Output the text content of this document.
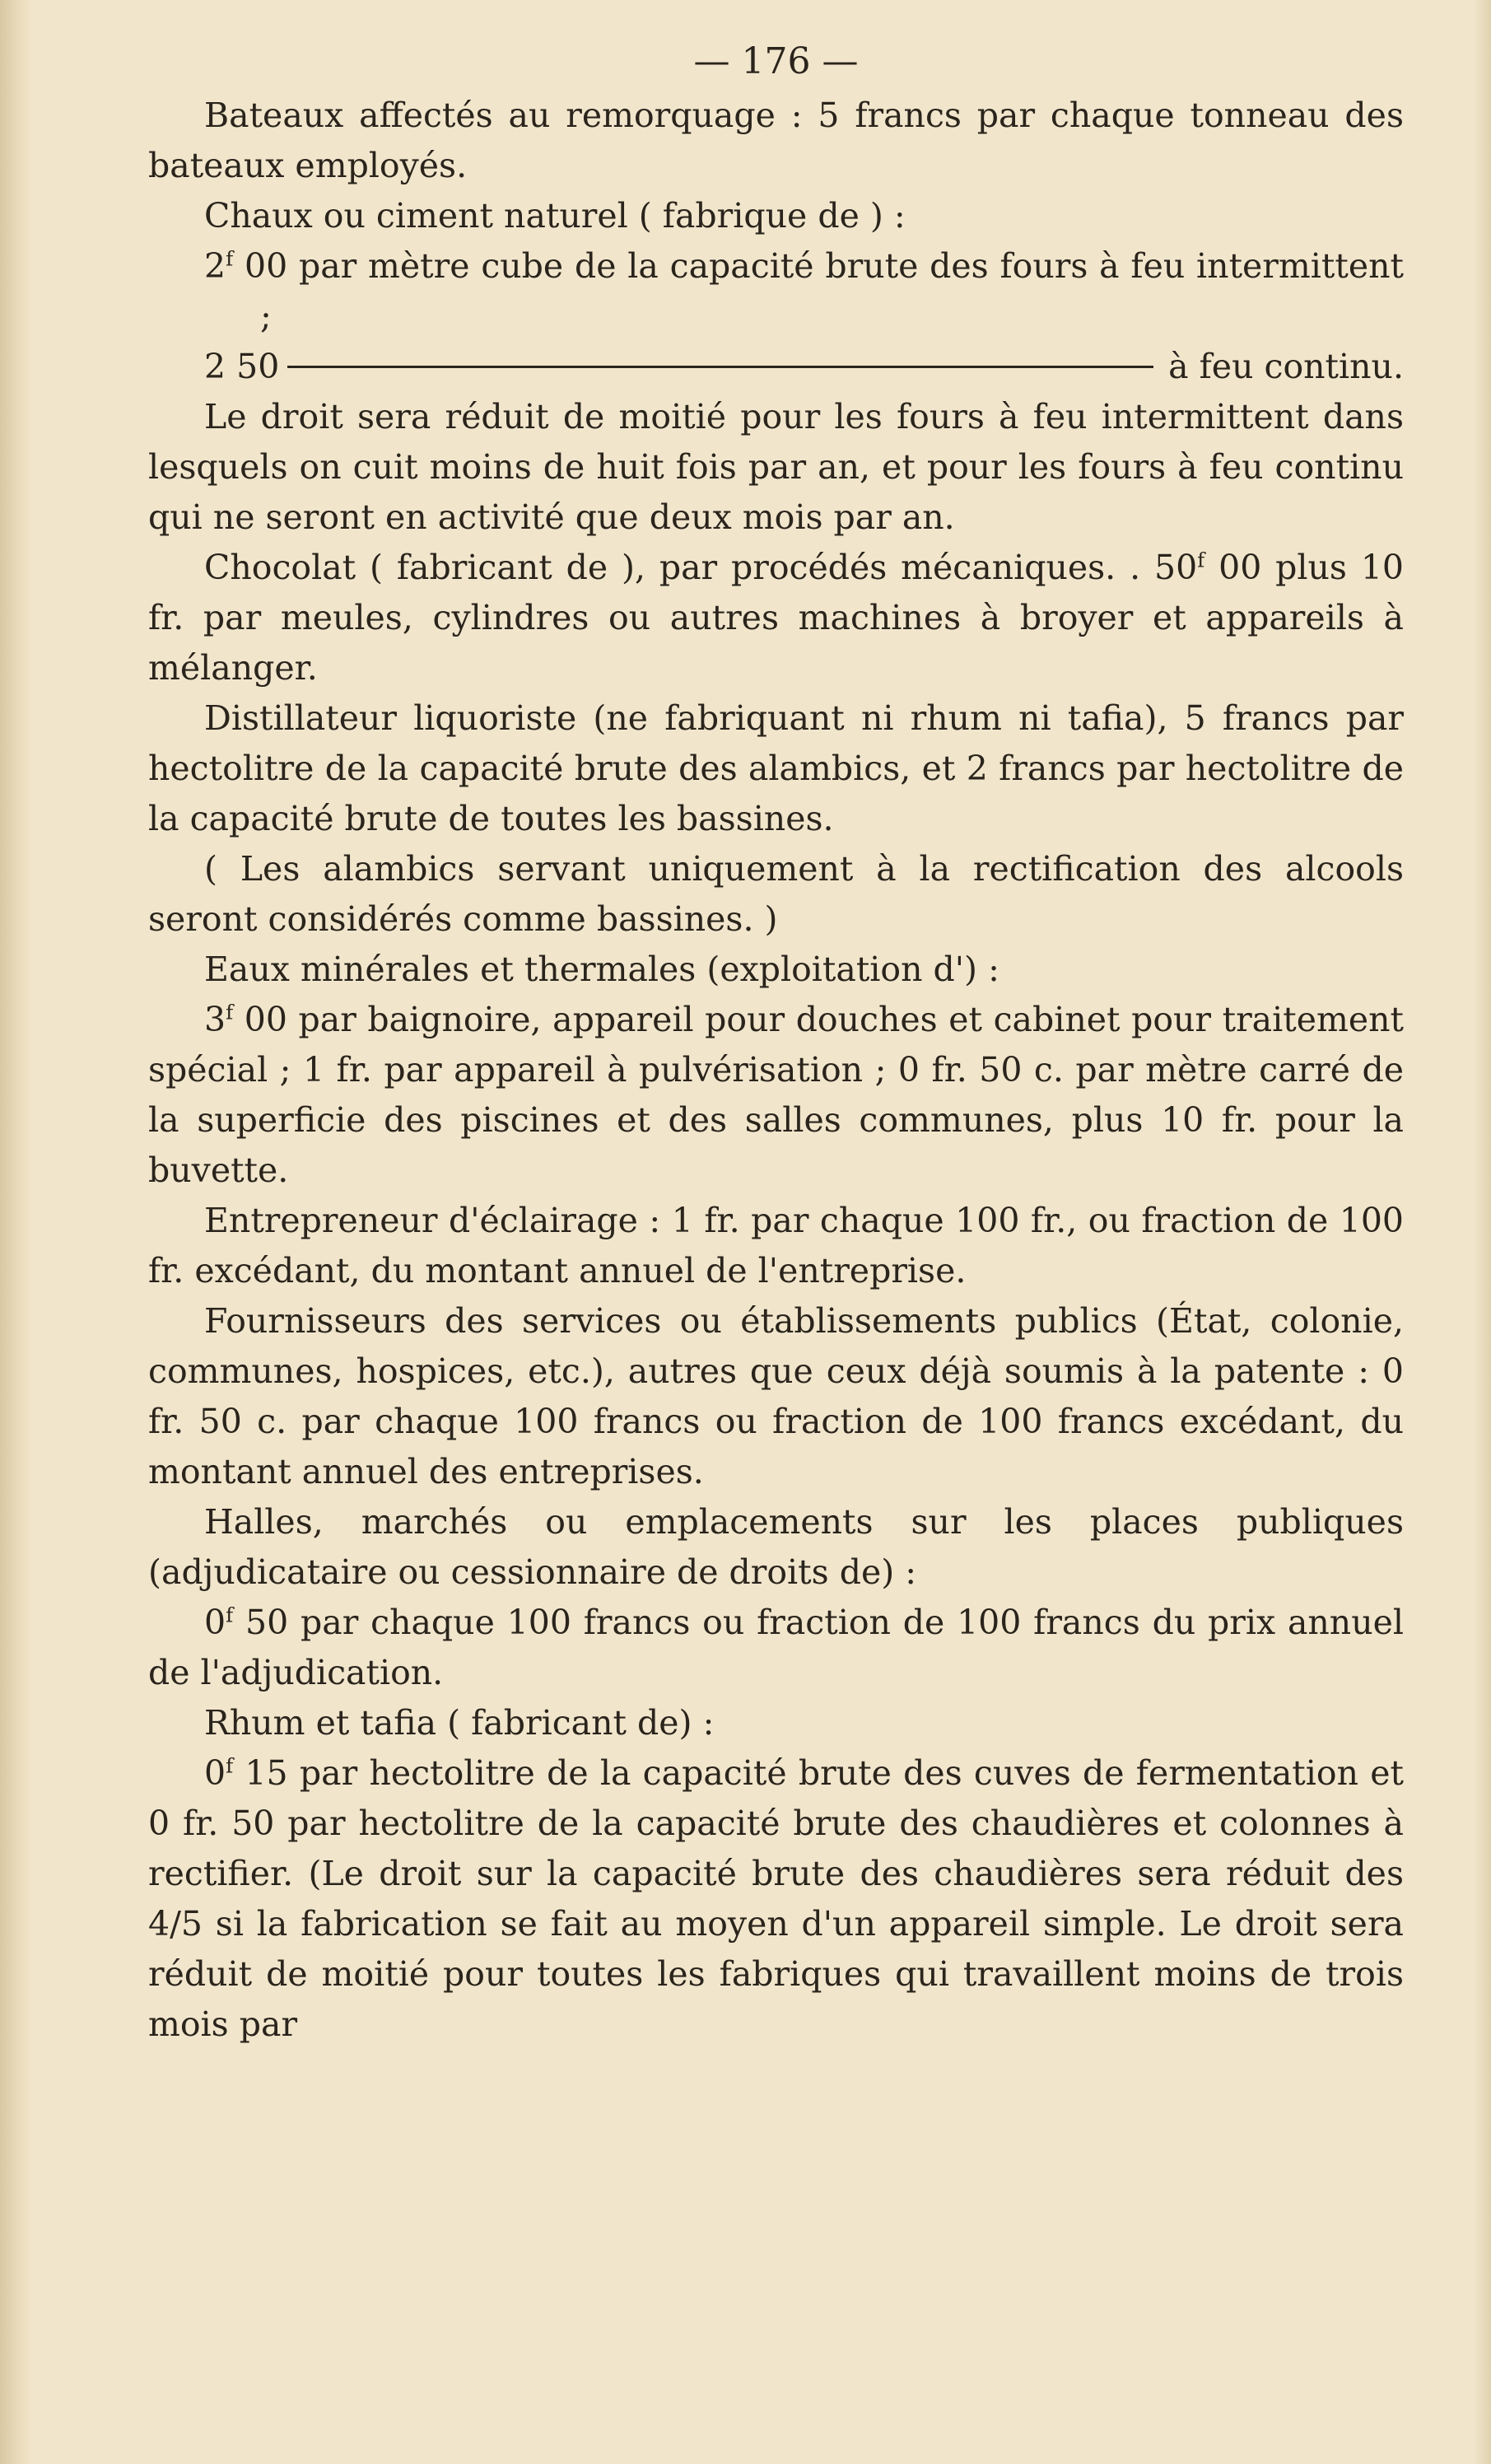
— 176 —

Bateaux affectés au remorquage : 5 francs par chaque tonneau des bateaux employés.

Chaux ou ciment naturel ( fabrique de ) :

2$^f$ 00 par mètre cube de la capacité brute des fours à feu intermittent ;

2 50	à feu continu.

Le droit sera réduit de moitié pour les fours à feu intermittent dans lesquels on cuit moins de huit fois par an, et pour les fours à feu continu qui ne seront en activité que deux mois par an.

Chocolat ( fabricant de ), par procédés mécaniques. . 50$^f$ 00 plus 10 fr. par meules, cylindres ou autres machines à broyer et appareils à mélanger.

Distillateur liquoriste (ne fabriquant ni rhum ni tafia), 5 francs par hectolitre de la capacité brute des alambics, et 2 francs par hectolitre de la capacité brute de toutes les bassines.

( Les alambics servant uniquement à la rectification des alcools seront considérés comme bassines. )

Eaux minérales et thermales (exploitation d') :

3$^f$ 00 par baignoire, appareil pour douches et cabinet pour traitement spécial ; 1 fr. par appareil à pulvérisation ; 0 fr. 50 c. par mètre carré de la superficie des piscines et des salles communes, plus 10 fr. pour la buvette.

Entrepreneur d'éclairage : 1 fr. par chaque 100 fr., ou fraction de 100 fr. excédant, du montant annuel de l'entreprise.

Fournisseurs des services ou établissements publics (État, colonie, communes, hospices, etc.), autres que ceux déjà soumis à la patente : 0 fr. 50 c. par chaque 100 francs ou fraction de 100 francs excédant, du montant annuel des entreprises.

Halles, marchés ou emplacements sur les places publiques (adjudicataire ou cessionnaire de droits de) :

0$^f$ 50 par chaque 100 francs ou fraction de 100 francs du prix annuel de l'adjudication.

Rhum et tafia ( fabricant de) :

0$^f$ 15 par hectolitre de la capacité brute des cuves de fermentation et 0 fr. 50 par hectolitre de la capacité brute des chaudières et colonnes à rectifier. (Le droit sur la capacité brute des chaudières sera réduit des 4/5 si la fabrication se fait au moyen d'un appareil simple. Le droit sera réduit de moitié pour toutes les fabriques qui travaillent moins de trois mois par
